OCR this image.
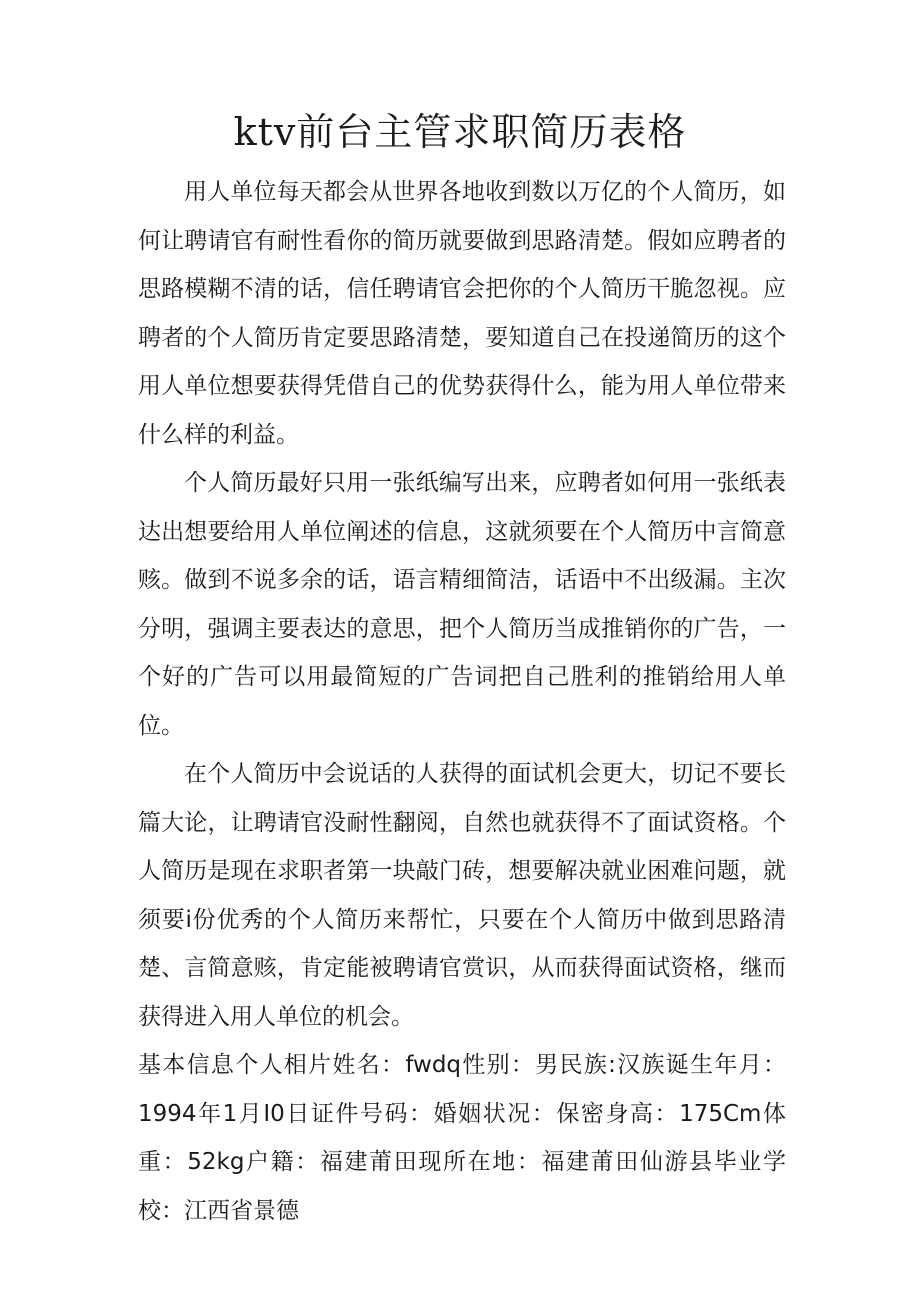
ktv前台主管求职简历表格

用人单位每天都会从世界各地收到数以万亿的个人简历，如何让聘请官有耐性看你的简历就要做到思路清楚。假如应聘者的思路模糊不清的话，信任聘请官会把你的个人简历干脆忽视。应聘者的个人简历肯定要思路清楚，要知道自己在投递简历的这个用人单位想要获得凭借自己的优势获得什么，能为用人单位带来什么样的利益。

个人简历最好只用一张纸编写出来，应聘者如何用一张纸表达出想要给用人单位阐述的信息，这就须要在个人简历中言简意赅。做到不说多余的话，语言精细简洁，话语中不出级漏。主次分明，强调主要表达的意思，把个人简历当成推销你的广告，一个好的广告可以用最简短的广告词把自己胜利的推销给用人单位。

在个人简历中会说话的人获得的面试机会更大，切记不要长篇大论，让聘请官没耐性翻阅，自然也就获得不了面试资格。个人简历是现在求职者第一块敲门砖，想要解决就业困难问题，就须要i份优秀的个人简历来帮忙，只要在个人简历中做到思路清楚、言简意赅，肯定能被聘请官赏识，从而获得面试资格，继而获得进入用人单位的机会。

基本信息个人相片姓名：fwdq性别：男民族:汉族诞生年月：1994年1月I0日证件号码：婚姻状况：保密身高：175Cm体重：52kg户籍：福建莆田现所在地：福建莆田仙游县毕业学校：江西省景德
